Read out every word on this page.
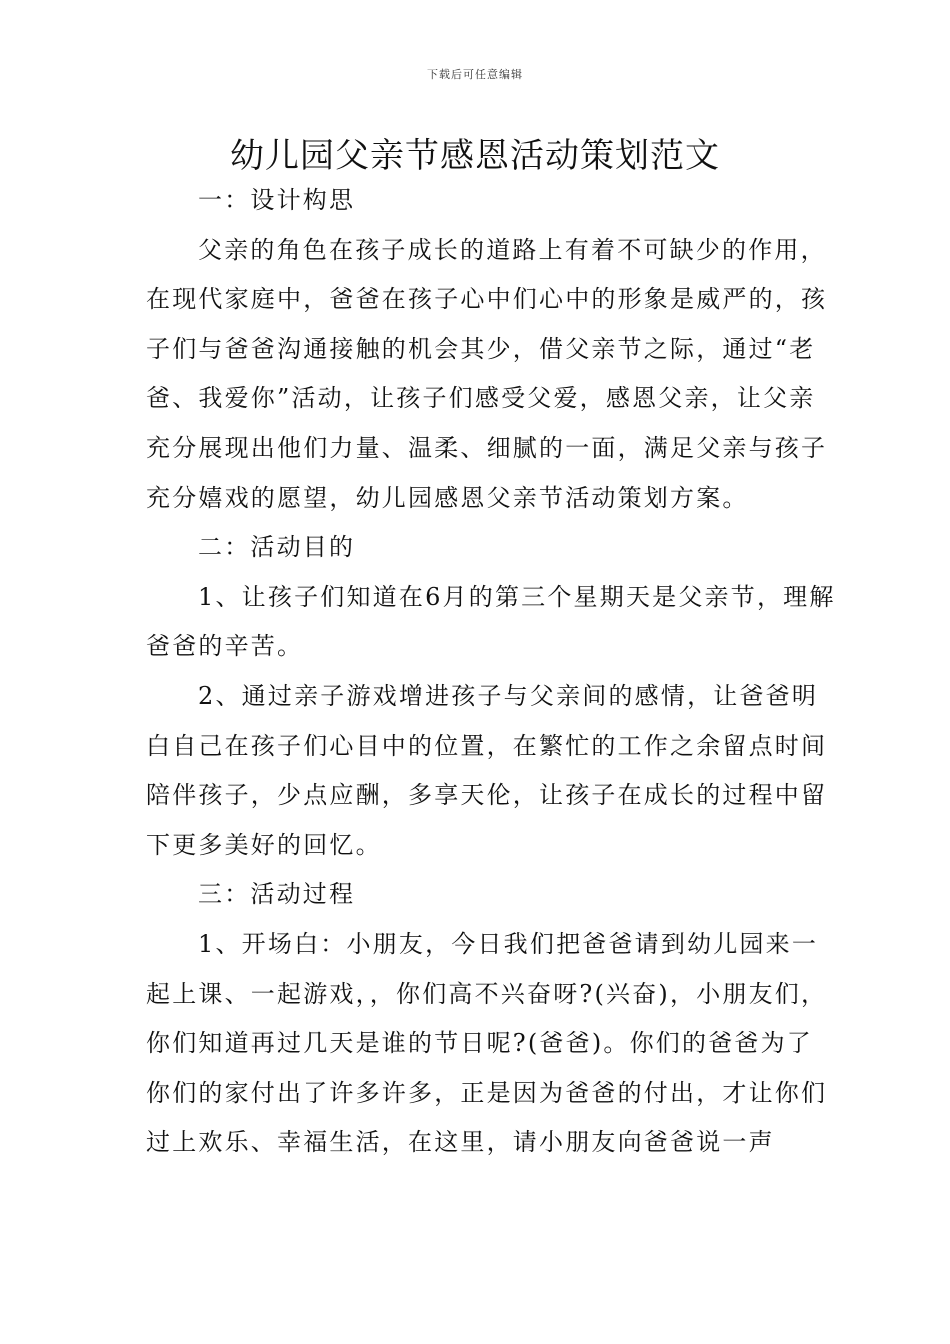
下载后可任意编辑
幼儿园父亲节感恩活动策划范文

一：设计构思

父亲的角色在孩子成长的道路上有着不可缺少的作用，在现代家庭中，爸爸在孩子心中们心中的形象是威严的，孩子们与爸爸沟通接触的机会其少，借父亲节之际，通过“老爸、我爱你”活动，让孩子们感受父爱，感恩父亲，让父亲充分展现出他们力量、温柔、细腻的一面，满足父亲与孩子充分嬉戏的愿望，幼儿园感恩父亲节活动策划方案。

二：活动目的

1、让孩子们知道在6月的第三个星期天是父亲节，理解爸爸的辛苦。

2、通过亲子游戏增进孩子与父亲间的感情，让爸爸明白自己在孩子们心目中的位置，在繁忙的工作之余留点时间陪伴孩子，少点应酬，多享天伦，让孩子在成长的过程中留下更多美好的回忆。

三：活动过程

1、开场白：小朋友，今日我们把爸爸请到幼儿园来一起上课、一起游戏，，你们高不兴奋呀?(兴奋)，小朋友们，你们知道再过几天是谁的节日呢?(爸爸)。你们的爸爸为了你们的家付出了许多许多，正是因为爸爸的付出，才让你们过上欢乐、幸福生活，在这里，请小朋友向爸爸说一声
